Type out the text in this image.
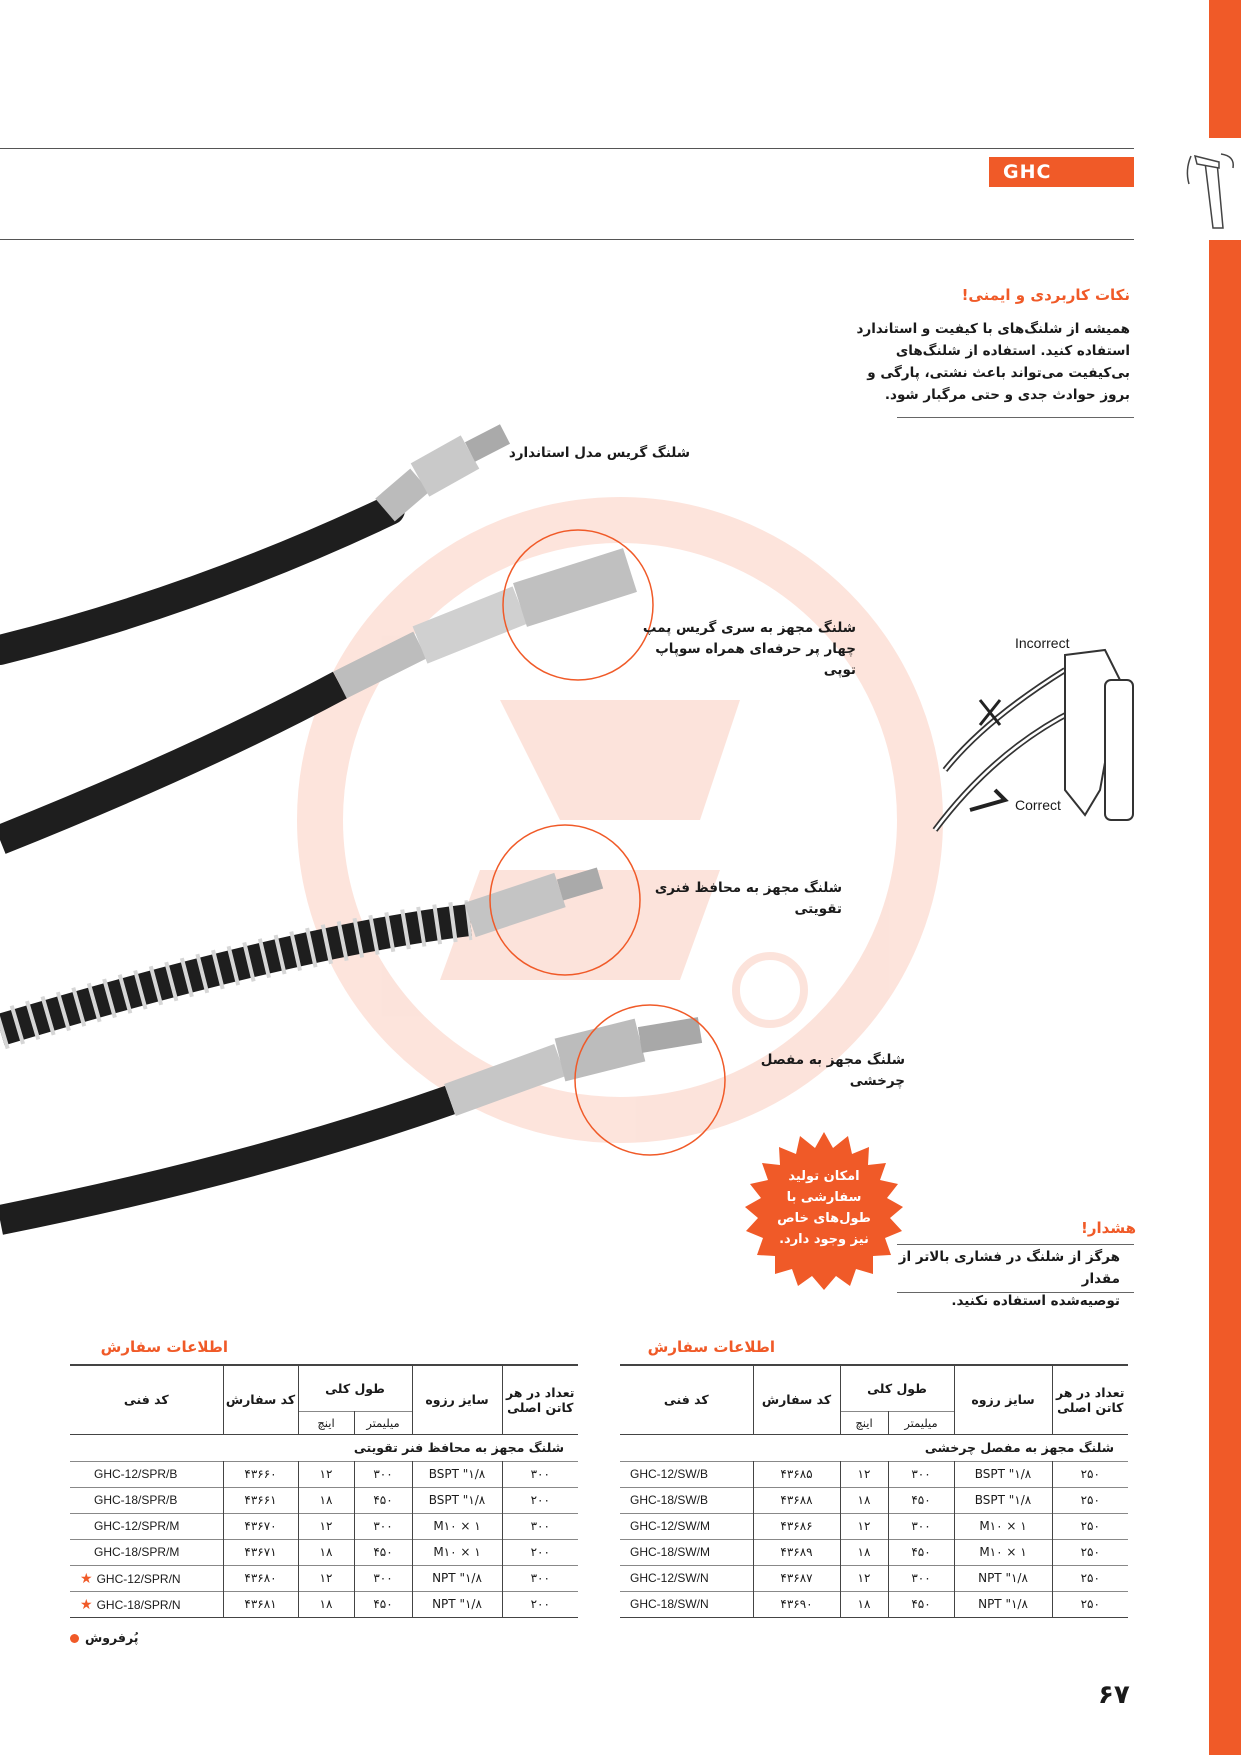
GHC
نکات کاربردی و ایمنی!
همیشه از شلنگ‌های با کیفیت و استاندارد
استفاده کنید. استفاده از شلنگ‌های
بی‌کیفیت می‌تواند باعث نشتی، پارگی و
بروز حوادث جدی و حتی مرگبار شود.
شلنگ گریس مدل استاندارد
شلنگ مجهز به سری گریس پمپ
چهار پر حرفه‌ای همراه سوپاپ توپی
شلنگ مجهز به محافظ فنری تقویتی
شلنگ مجهز به مفصل چرخشی
Incorrect
Correct
امکان تولید
سفارشی با
طول‌های خاص
نیز وجود دارد.
هشدار!
هرگز از شلنگ در فشاری بالاتر از مقدار
توصیه‌شده استفاده نکنید.
اطلاعات سفارش
تعداد در هر کاتن اصلی	سایز رزوه	طول کلی		کد سفارش	کد فنی
		میلیمتر	اینچ		
شلنگ مجهز به مفصل چرخشی					
۲۵۰	BSPT "۱/۸	۳۰۰	۱۲	۴۳۶۸۵	GHC-12/SW/B
۲۵۰	BSPT "۱/۸	۴۵۰	۱۸	۴۳۶۸۸	GHC-18/SW/B
۲۵۰	M۱۰ × ۱	۳۰۰	۱۲	۴۳۶۸۶	GHC-12/SW/M
۲۵۰	M۱۰ × ۱	۴۵۰	۱۸	۴۳۶۸۹	GHC-18/SW/M
۲۵۰	NPT "۱/۸	۳۰۰	۱۲	۴۳۶۸۷	GHC-12/SW/N
۲۵۰	NPT "۱/۸	۴۵۰	۱۸	۴۳۶۹۰	GHC-18/SW/N
اطلاعات سفارش
تعداد در هر کاتن اصلی	سایز رزوه	طول کلی		کد سفارش	کد فنی
		میلیمتر	اینچ		
شلنگ مجهز به محافظ فنر تقویتی					
۳۰۰	BSPT "۱/۸	۳۰۰	۱۲	۴۳۶۶۰	GHC-12/SPR/B
۲۰۰	BSPT "۱/۸	۴۵۰	۱۸	۴۳۶۶۱	GHC-18/SPR/B
۳۰۰	M۱۰ × ۱	۳۰۰	۱۲	۴۳۶۷۰	GHC-12/SPR/M
۲۰۰	M۱۰ × ۱	۴۵۰	۱۸	۴۳۶۷۱	GHC-18/SPR/M
۳۰۰	۱/۸" NPT	۳۰۰	۱۲	۴۳۶۸۰	★ GHC-12/SPR/N
۲۰۰	۱/۸" NPT	۴۵۰	۱۸	۴۳۶۸۱	★ GHC-18/SPR/N
پُرفروش
۶۷
